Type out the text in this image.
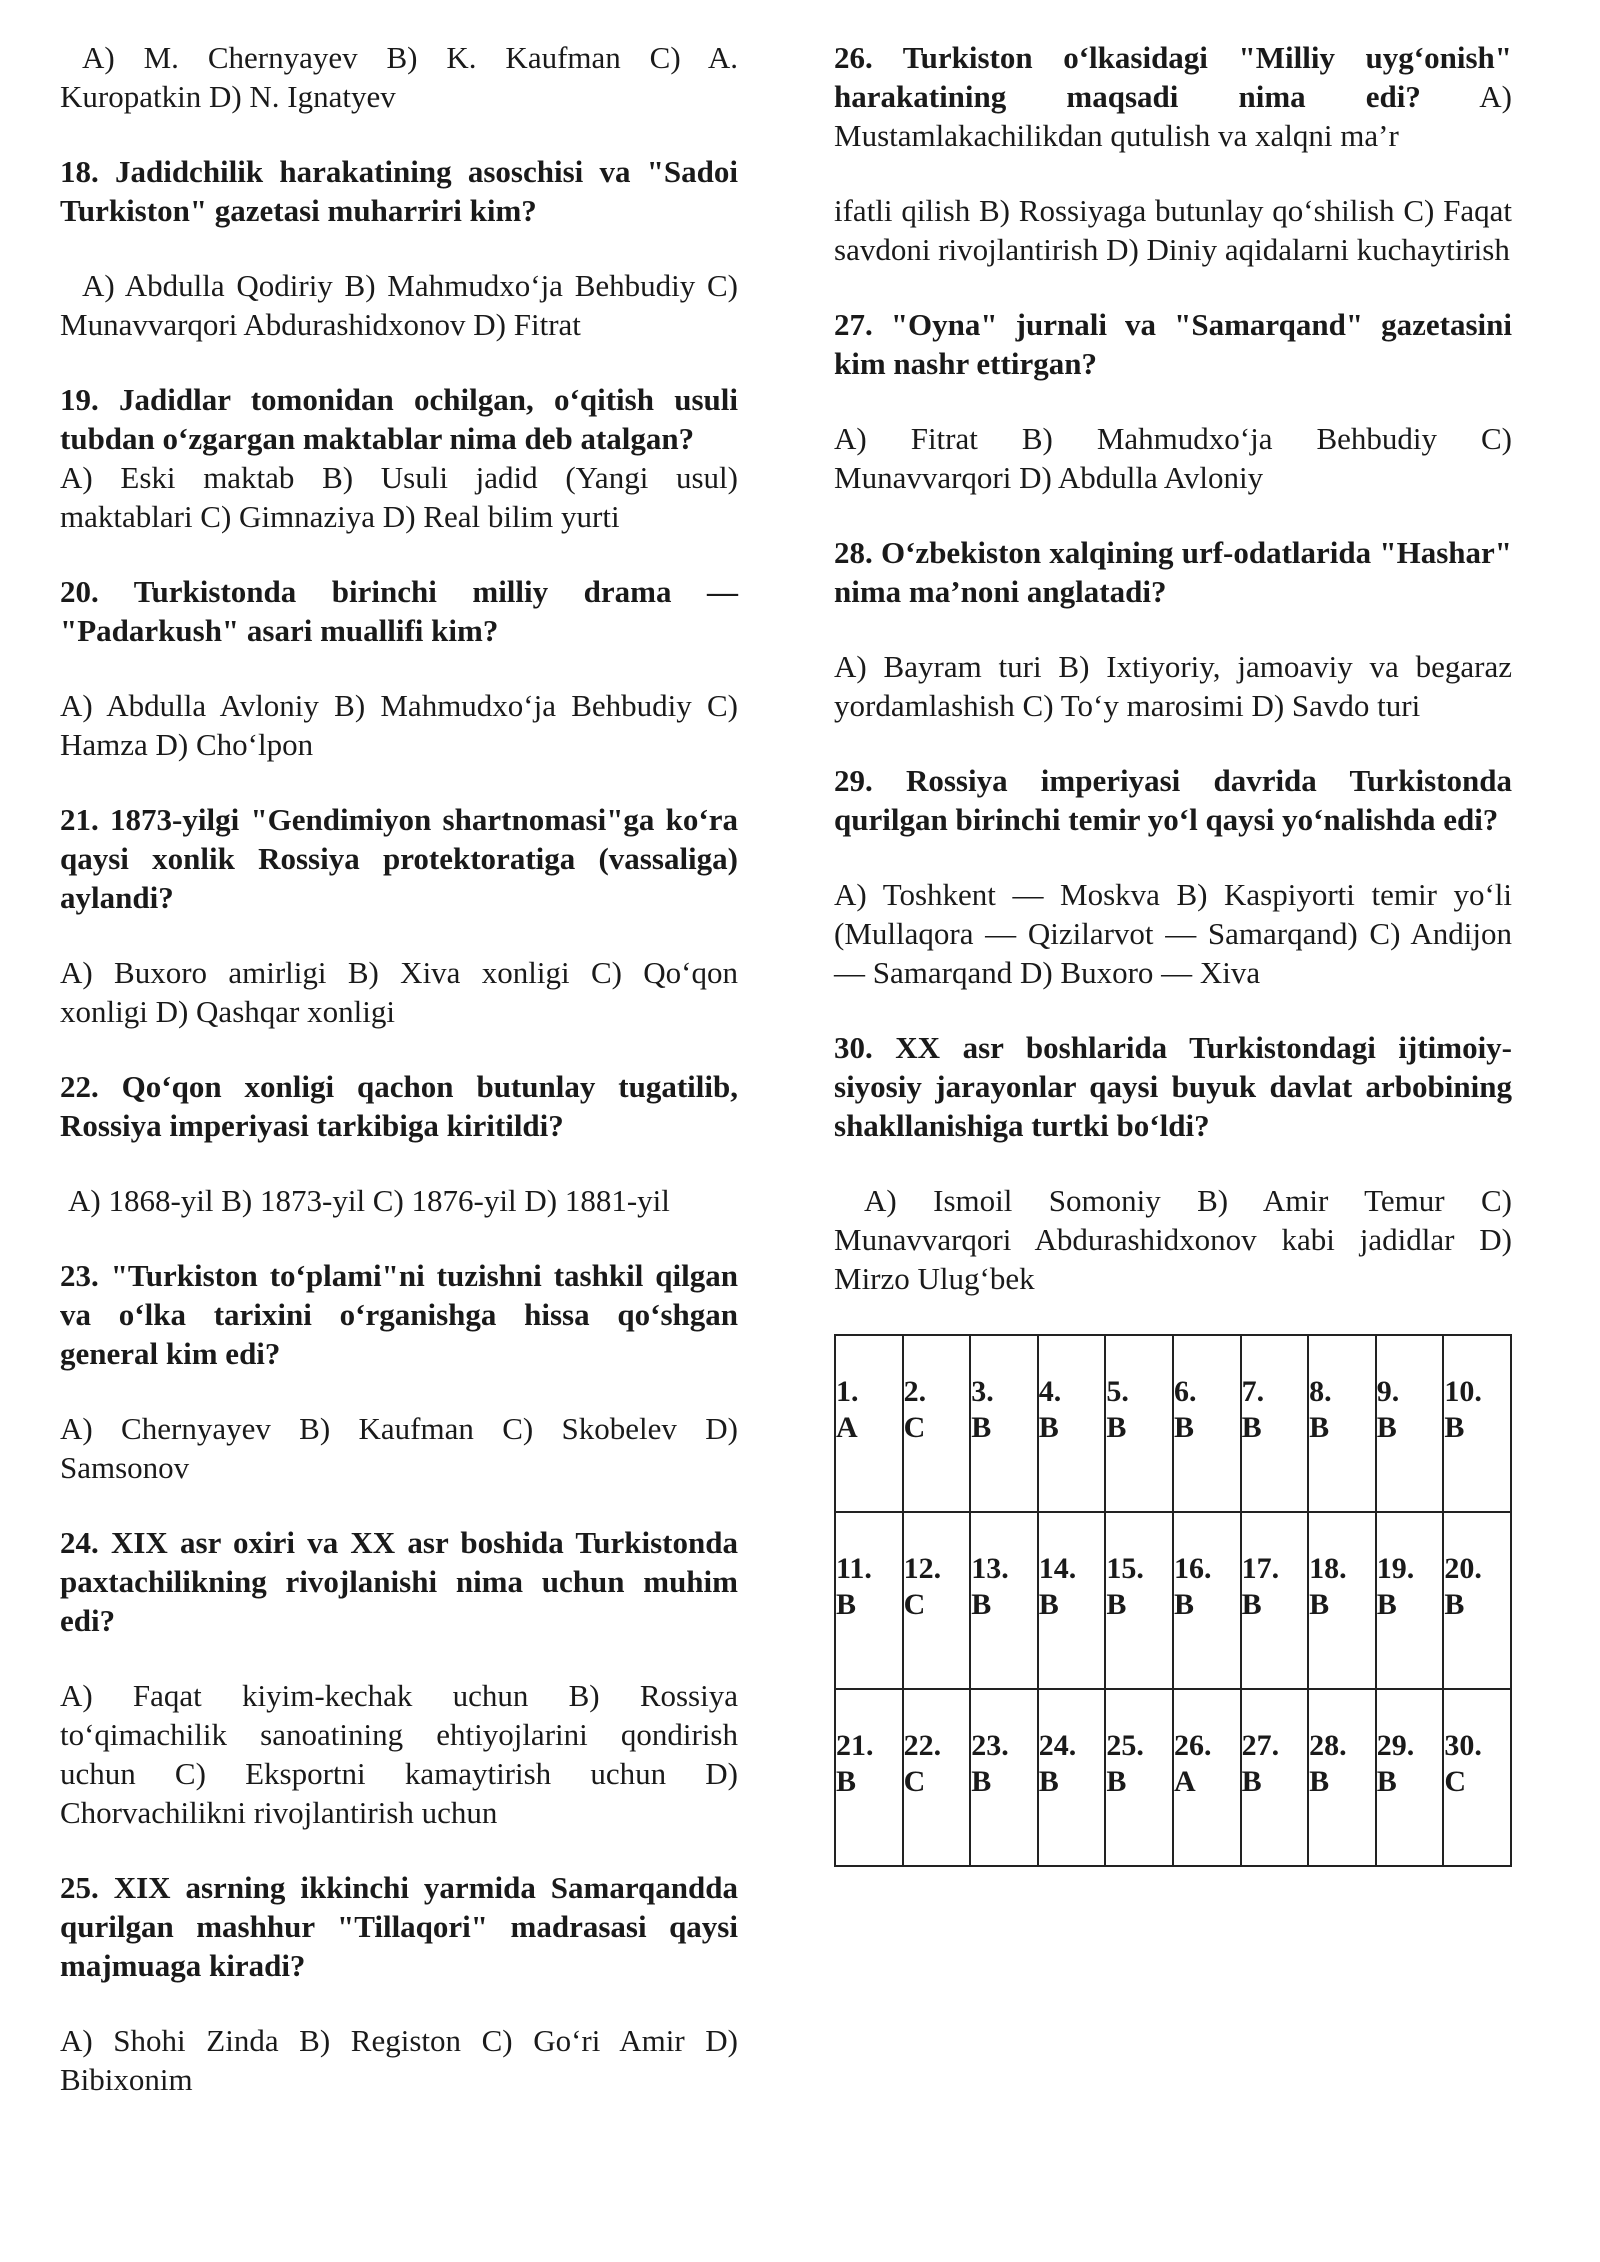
A) M. Chernyayev B) K. Kaufman C) A. Kuropatkin D) N. Ignatyev

18. Jadidchilik harakatining asoschisi va "Sadoi Turkiston" gazetasi muharriri kim?

A) Abdulla Qodiriy B) Mahmudxo‘ja Behbudiy C) Munavvarqori Abdurashidxonov D) Fitrat

19. Jadidlar tomonidan ochilgan, o‘qitish usuli tubdan o‘zgargan maktablar nima deb atalgan?

A) Eski maktab B) Usuli jadid (Yangi usul) maktablari C) Gimnaziya D) Real bilim yurti

20. Turkistonda birinchi milliy drama — "Padarkush" asari muallifi kim?

A) Abdulla Avloniy B) Mahmudxo‘ja Behbudiy C) Hamza D) Cho‘lpon

21. 1873-yilgi "Gendimiyon shartnomasi"ga ko‘ra qaysi xonlik Rossiya protektoratiga (vassaliga) aylandi?

A) Buxoro amirligi B) Xiva xonligi C) Qo‘qon xonligi D) Qashqar xonligi

22. Qo‘qon xonligi qachon butunlay tugatilib, Rossiya imperiyasi tarkibiga kiritildi?

A) 1868-yil B) 1873-yil C) 1876-yil D) 1881-yil

23. "Turkiston to‘plami"ni tuzishni tashkil qilgan va o‘lka tarixini o‘rganishga hissa qo‘shgan general kim edi?

A) Chernyayev B) Kaufman C) Skobelev D) Samsonov

24. XIX asr oxiri va XX asr boshida Turkistonda paxtachilikning rivojlanishi nima uchun muhim edi?

A) Faqat kiyim-kechak uchun B) Rossiya to‘qimachilik sanoatining ehtiyojlarini qondirish uchun C) Eksportni kamaytirish uchun D) Chorvachilikni rivojlantirish uchun

25. XIX asrning ikkinchi yarmida Samarqandda qurilgan mashhur "Tillaqori" madrasasi qaysi majmuaga kiradi?

A) Shohi Zinda B) Registon C) Go‘ri Amir D) Bibixonim

26. Turkiston o‘lkasidagi "Milliy uyg‘onish" harakatining maqsadi nima edi? A) Mustamlakachilikdan qutulish va xalqni ma’r

ifatli qilish B) Rossiyaga butunlay qo‘shilish C) Faqat savdoni rivojlantirish D) Diniy aqidalarni kuchaytirish

27. "Oyna" jurnali va "Samarqand" gazetasini kim nashr ettirgan?

A) Fitrat B) Mahmudxo‘ja Behbudiy C) Munavvarqori D) Abdulla Avloniy

28. O‘zbekiston xalqining urf-odatlarida "Hashar" nima ma’noni anglatadi?

A) Bayram turi B) Ixtiyoriy, jamoaviy va begaraz yordamlashish C) To‘y marosimi D) Savdo turi

29. Rossiya imperiyasi davrida Turkistonda qurilgan birinchi temir yo‘l qaysi yo‘nalishda edi?

A) Toshkent — Moskva B) Kaspiyorti temir yo‘li (Mullaqora — Qizilarvot — Samarqand) C) Andijon — Samarqand D) Buxoro — Xiva

30. XX asr boshlarida Turkistondagi ijtimoiy-siyosiy jarayonlar qaysi buyuk davlat arbobining shakllanishiga turtki bo‘ldi?

A) Ismoil Somoniy B) Amir Temur C) Munavvarqori Abdurashidxonov kabi jadidlar D) Mirzo Ulug‘bek

1.
A	2.
C	3.
B	4.
B	5.
B	6.
B	7.
B	8.
B	9.
B	10.
B

11.
B	12.
C	13.
B	14.
B	15.
B	16.
B	17.
B	18.
B	19.
B	20.
B

21.
B	22.
C	23.
B	24.
B	25.
B	26.
A	27.
B	28.
B	29.
B	30.
C
